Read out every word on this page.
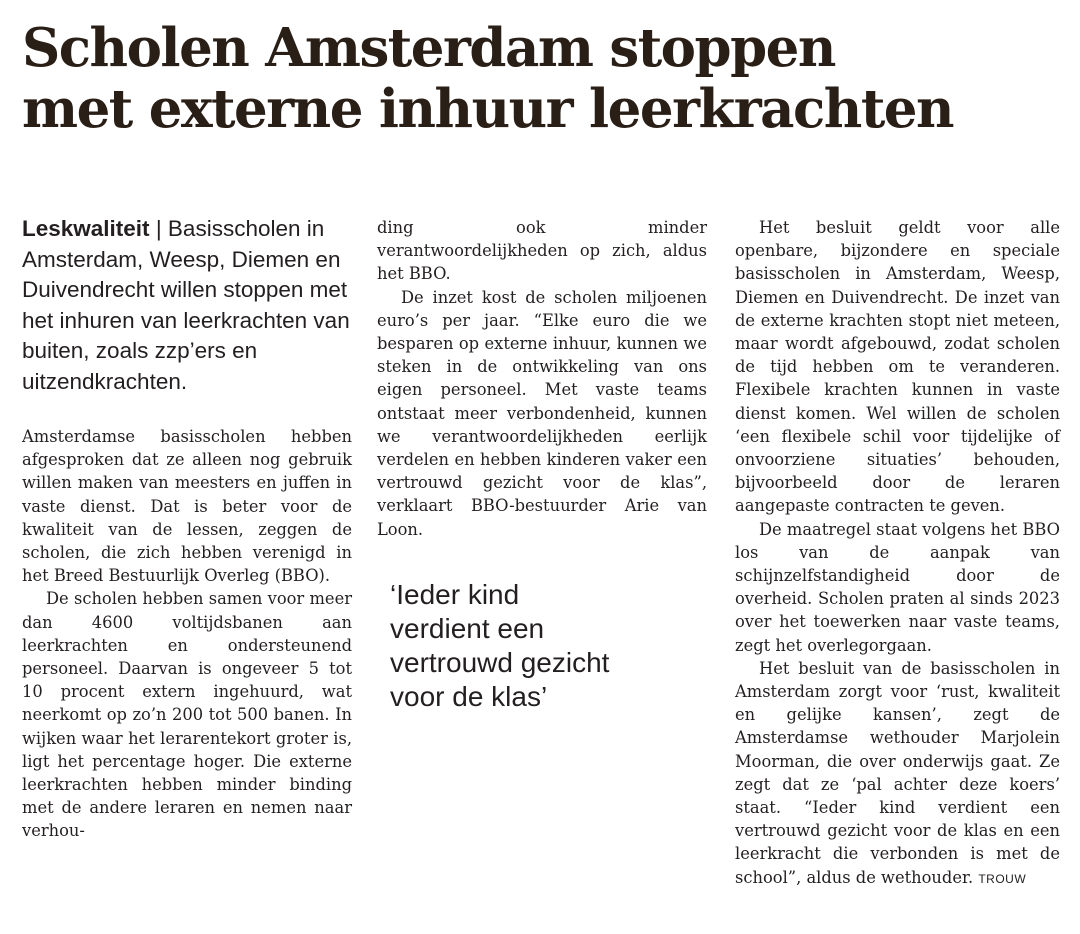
Scholen Amsterdam stoppen
met externe inhuur leerkrachten
Leskwaliteit | Basisscholen in Amsterdam, Weesp, Diemen en Duivendrecht willen stoppen met het inhuren van leerkrachten van buiten, zoals zzp’ers en uitzendkrachten.

Amsterdamse basisscholen hebben afgesproken dat ze alleen nog gebruik willen maken van meesters en juffen in vaste dienst. Dat is beter voor de kwaliteit van de lessen, zeggen de scholen, die zich hebben verenigd in het Breed Bestuurlijk Overleg (BBO).

De scholen hebben samen voor meer dan 4600 voltijdsbanen aan leerkrachten en ondersteunend personeel. Daarvan is ongeveer 5 tot 10 procent extern ingehuurd, wat neerkomt op zo’n 200 tot 500 banen. In wijken waar het lerarentekort groter is, ligt het percentage hoger. Die externe leerkrachten hebben minder binding met de andere leraren en nemen naar verhou-

ding ook minder verantwoordelijkheden op zich, aldus het BBO.

De inzet kost de scholen miljoenen euro’s per jaar. “Elke euro die we besparen op externe inhuur, kunnen we steken in de ontwikkeling van ons eigen personeel. Met vaste teams ontstaat meer verbondenheid, kunnen we verantwoordelijkheden eerlijk verdelen en hebben kinderen vaker een vertrouwd gezicht voor de klas”, verklaart BBO-bestuurder Arie van Loon.

‘Ieder kind
verdient een
vertrouwd gezicht
voor de klas’

Het besluit geldt voor alle openbare, bijzondere en speciale basisscholen in Amsterdam, Weesp, Diemen en Duivendrecht. De inzet van de externe krachten stopt niet meteen, maar wordt afgebouwd, zodat scholen de tijd hebben om te veranderen. Flexibele krachten kunnen in vaste dienst komen. Wel willen de scholen ‘een flexibele schil voor tijdelijke of onvoorziene situaties’ behouden, bijvoorbeeld door de leraren aangepaste contracten te geven.

De maatregel staat volgens het BBO los van de aanpak van schijnzelfstandigheid door de overheid. Scholen praten al sinds 2023 over het toewerken naar vaste teams, zegt het overlegorgaan.

Het besluit van de basisscholen in Amsterdam zorgt voor ‘rust, kwaliteit en gelijke kansen’, zegt de Amsterdamse wethouder Marjolein Moorman, die over onderwijs gaat. Ze zegt dat ze ‘pal achter deze koers’ staat. “Ieder kind verdient een vertrouwd gezicht voor de klas en een leerkracht die verbonden is met de school”, aldus de wethouder. TROUW
